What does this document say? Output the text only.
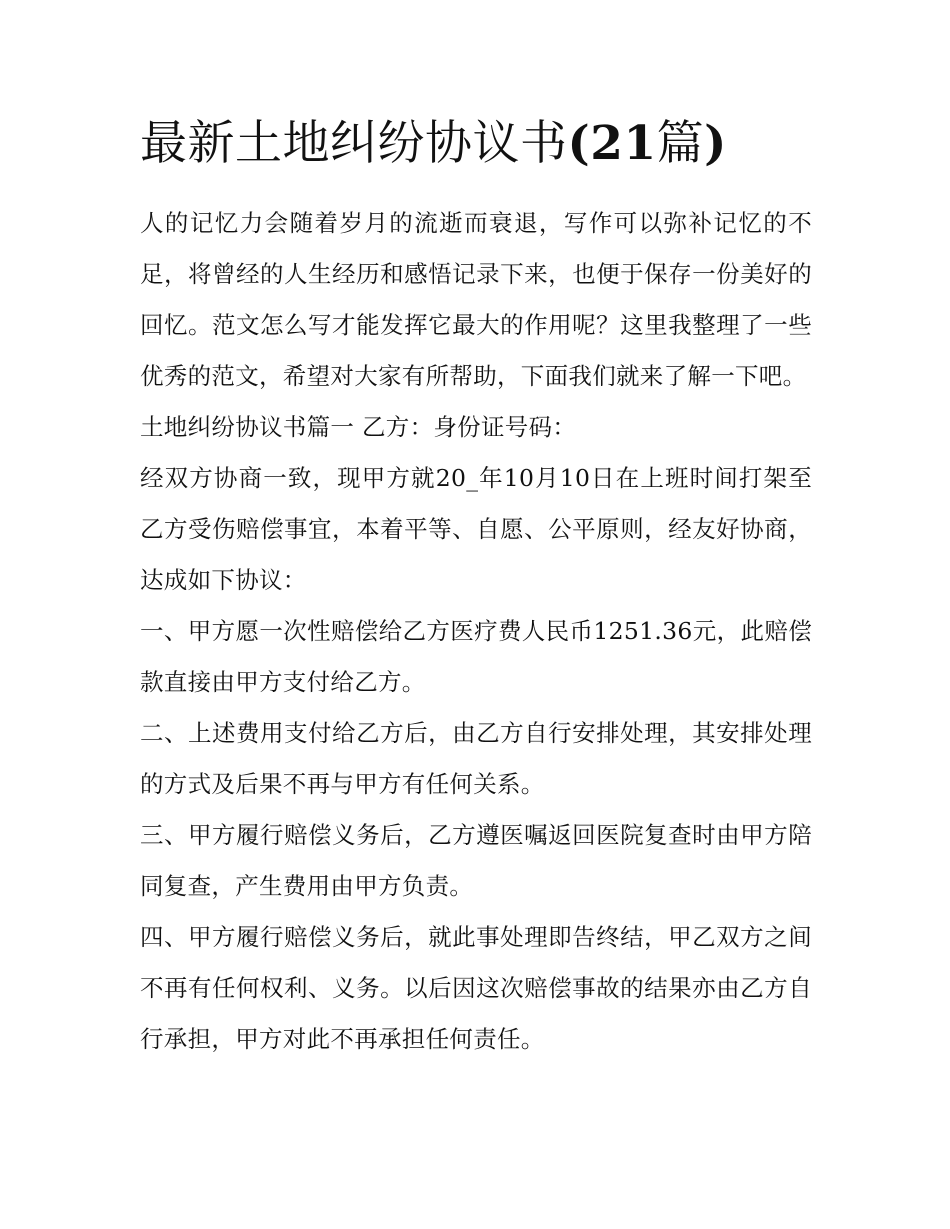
最新土地纠纷协议书(21篇)

人的记忆力会随着岁月的流逝而衰退，写作可以弥补记忆的不足，将曾经的人生经历和感悟记录下来，也便于保存一份美好的回忆。范文怎么写才能发挥它最大的作用呢？这里我整理了一些优秀的范文，希望对大家有所帮助，下面我们就来了解一下吧。

土地纠纷协议书篇一 乙方：身份证号码：

经双方协商一致，现甲方就20_年10月10日在上班时间打架至乙方受伤赔偿事宜，本着平等、自愿、公平原则，经友好协商，达成如下协议：

一、甲方愿一次性赔偿给乙方医疗费人民币1251.36元，此赔偿款直接由甲方支付给乙方。

二、上述费用支付给乙方后，由乙方自行安排处理，其安排处理的方式及后果不再与甲方有任何关系。

三、甲方履行赔偿义务后，乙方遵医嘱返回医院复查时由甲方陪同复查，产生费用由甲方负责。

四、甲方履行赔偿义务后，就此事处理即告终结，甲乙双方之间不再有任何权利、义务。以后因这次赔偿事故的结果亦由乙方自行承担，甲方对此不再承担任何责任。
